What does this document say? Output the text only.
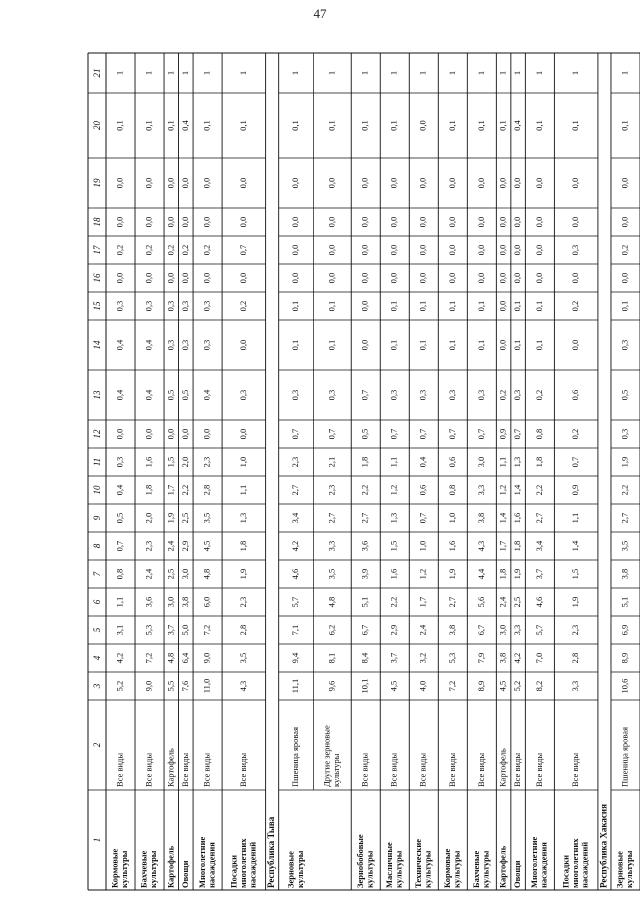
47
1
2
3
4
5
6
7
8
9
10
11
12
13
14
15
16
17
18
19
20
21
Кормовые культуры
Все виды
5,2
4,2
3,1
1,1
0,8
0,7
0,5
0,4
0,3
0,0
0,4
0,4
0,3
0,0
0,2
0,0
0,0
0,1
1
Бахчевые культуры
Все виды
9,0
7,2
5,3
3,6
2,4
2,3
2,0
1,8
1,6
0,0
0,4
0,4
0,3
0,0
0,2
0,0
0,0
0,1
1
Картофель
Картофель
5,5
4,8
3,7
3,0
2,5
2,4
1,9
1,7
1,5
0,0
0,5
0,3
0,3
0,0
0,2
0,0
0,0
0,1
1
Овощи
Все виды
7,6
6,4
5,0
3,8
3,0
2,9
2,5
2,2
2,0
0,0
0,5
0,3
0,3
0,0
0,2
0,0
0,0
0,4
1
Многолетние насаждения
Все виды
11,0
9,0
7,2
6,0
4,8
4,5
3,5
2,8
2,3
0,0
0,4
0,3
0,3
0,0
0,2
0,0
0,0
0,1
1
Посадки многолетних насаждений
Все виды
4,3
3,5
2,8
2,3
1,9
1,8
1,3
1,1
1,0
0,0
0,3
0,0
0,2
0,0
0,7
0,0
0,0
0,1
1
Республика Тыва Зерновые культуры
Пшеница яровая
11,1
9,4
7,1
5,7
4,6
4,2
3,4
2,7
2,3
0,7
0,3
0,1
0,1
0,0
0,0
0,0
0,0
0,1
1
Другие зерновые культуры
9,6
8,1
6,2
4,8
3,5
3,3
2,7
2,3
2,1
0,7
0,3
0,1
0,1
0,0
0,0
0,0
0,0
0,1
1
Зернобобовые культуры
Все виды
10,1
8,4
6,7
5,1
3,9
3,6
2,7
2,2
1,8
0,5
0,7
0,0
0,0
0,0
0,0
0,0
0,0
0,1
1
Масличные культуры
Все виды
4,5
3,7
2,9
2,2
1,6
1,5
1,3
1,2
1,1
0,7
0,3
0,1
0,1
0,0
0,0
0,0
0,0
0,1
1
Технические культуры
Все виды
4,0
3,2
2,4
1,7
1,2
1,0
0,7
0,6
0,4
0,7
0,3
0,1
0,1
0,0
0,0
0,0
0,0
0,0
1
Кормовые культуры
Все виды
7,2
5,3
3,8
2,7
1,9
1,6
1,0
0,8
0,6
0,7
0,3
0,1
0,1
0,0
0,0
0,0
0,0
0,1
1
Бахчевые культуры
Все виды
8,9
7,9
6,7
5,6
4,4
4,3
3,8
3,3
3,0
0,7
0,3
0,1
0,1
0,0
0,0
0,0
0,0
0,1
1
Картофель
Картофель
4,5
3,8
3,0
2,4
1,8
1,7
1,4
1,2
1,1
0,9
0,2
0,0
0,0
0,0
0,0
0,0
0,0
0,1
1
Овощи
Все виды
5,2
4,2
3,3
2,5
1,9
1,8
1,6
1,4
1,3
0,7
0,3
0,1
0,1
0,0
0,0
0,0
0,0
0,4
1
Многолетние насаждения
Все виды
8,2
7,0
5,7
4,6
3,7
3,4
2,7
2,2
1,8
0,8
0,2
0,1
0,1
0,0
0,0
0,0
0,0
0,1
1
Посадки многолетних насаждений
Все виды
3,3
2,8
2,3
1,9
1,5
1,4
1,1
0,9
0,7
0,2
0,6
0,0
0,2
0,0
0,3
0,0
0,0
0,1
1
Республика Хакасия Зерновые культуры
Пшеница яровая
10,6
8,9
6,9
5,1
3,8
3,5
2,7
2,2
1,9
0,3
0,5
0,3
0,1
0,0
0,2
0,0
0,0
0,1
1
